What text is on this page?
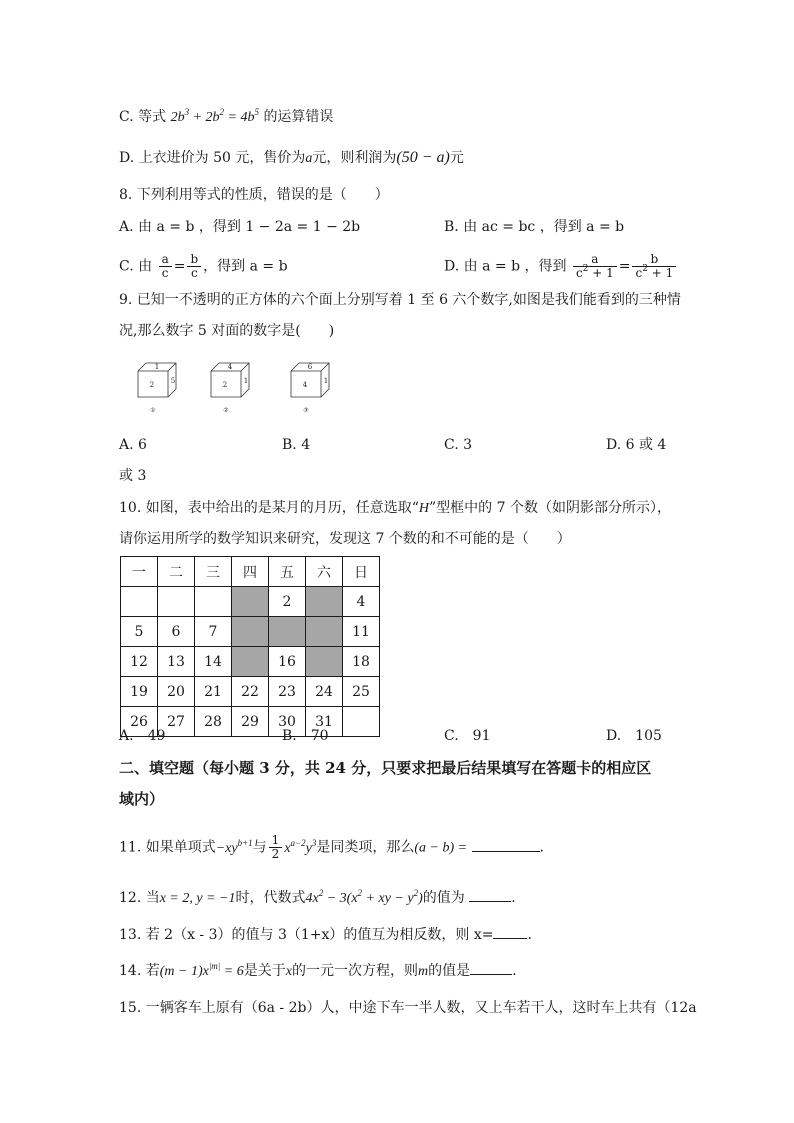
C. 等式 $2b^3 + 2b^2 = 4b^5$ 的运算错误
D. 上衣进价为 50 元，售价为a元，则利润为(50 − a)元
8. 下列利用等式的性质，错误的是（　　）
A. 由 a = b ，得到 1 − 2a = 1 − 2b	B. 由 ac = bc ，得到 a = b
C. 由 $\frac{a}{c} = \frac{b}{c}$ ，得到 a = b	D. 由 a = b ，得到 $\frac{a}{c^2 + 1} = \frac{b}{c^2 + 1}$
9. 已知一不透明的正方体的六个面上分别写着 1 至 6 六个数字,如图是我们能看到的三种情
况,那么数字 5 对面的数字是(　　)
1
2 5
①
4
2 1
②
6
4 1
③
A. 6	B. 4	C. 3	D. 6 或 4
或 3
10. 如图，表中给出的是某月的月历，任意选取“H”型框中的 7 个数（如阴影部分所示），
请你运用所学的数学知识来研究，发现这 7 个数的和不可能的是（　　）
一	二	三	四	五	六	日
				2		4
5	6	7				11
12	13	14		16		18
19	20	21	22	23	24	25
26	27	28	29	30	31	
A.　49	B.　70	C.　91	D.　105
二、填空题（每小题 3 分，共 24 分，只要求把最后结果填写在答题卡的相应区
域内）
11. 如果单项式$-xy^{b+1}$与 $\frac{1}{2} x^{a-2}y^3$是同类项，那么(a − b) =	.
12. 当x = 2, y = −1时，代数式$4x^2 - 3(x^2$ + xy − $y^2$)的值为	.
13. 若 2（x - 3）的值与 3（1+x）的值互为相反数，则 x= .
14. 若$(m - 1)x^{|m|} = 6$是关于x的一元一次方程，则m的值是	.
15. 一辆客车上原有（6a - 2b）人，中途下车一半人数，又上车若干人，这时车上共有（12a
